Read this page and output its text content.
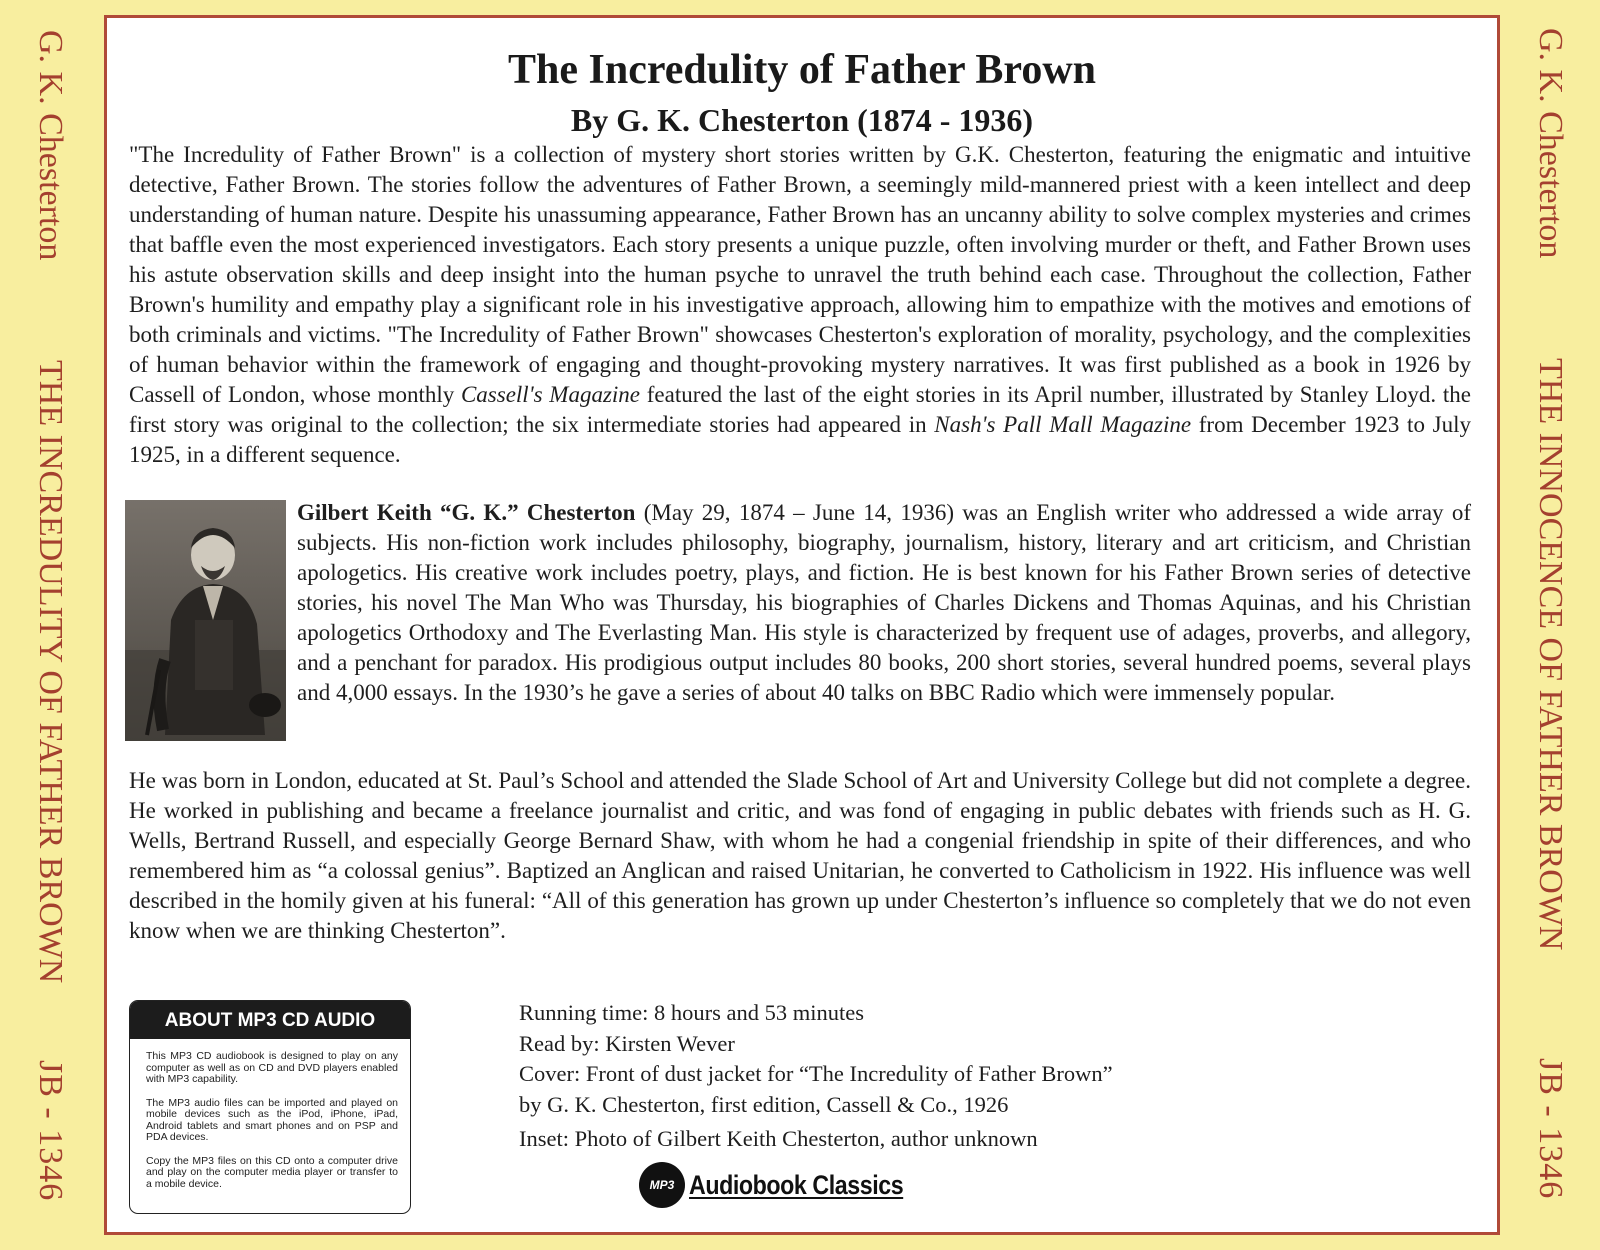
G. K. Chesterton
THE INCREDULITY OF FATHER BROWN
JB - 1346
G. K. Chesterton
THE INNOCENCE OF FATHER BROWN
JB - 1346
The Incredulity of Father Brown
By G. K. Chesterton (1874 - 1936)

"The Incredulity of Father Brown" is a collection of mystery short stories written by G.K. Chesterton, featuring the enigmatic and intuitive detective, Father Brown. The stories follow the adventures of Father Brown, a seemingly mild-mannered priest with a keen intellect and deep understanding of human nature. Despite his unassuming appearance, Father Brown has an uncanny ability to solve complex mysteries and crimes that baffle even the most experienced investigators. Each story presents a unique puzzle, often involving murder or theft, and Father Brown uses his astute observation skills and deep insight into the human psyche to unravel the truth behind each case. Throughout the collection, Father Brown's humility and empathy play a significant role in his investigative approach, allowing him to empathize with the motives and emotions of both criminals and victims. "The Incredulity of Father Brown" showcases Chesterton's exploration of morality, psychology, and the complexities of human behavior within the framework of engaging and thought-provoking mystery narratives. It was first published as a book in 1926 by Cassell of London, whose monthly Cassell's Magazine featured the last of the eight stories in its April number, illustrated by Stanley Lloyd. the first story was original to the collection; the six intermediate stories had appeared in Nash's Pall Mall Magazine from December 1923 to July 1925, in a different sequence.

Gilbert Keith “G. K.” Chesterton (May 29, 1874 – June 14, 1936) was an English writer who addressed a wide array of subjects. His non-fiction work includes philosophy, biography, journalism, history, literary and art criticism, and Christian apologetics. His creative work includes poetry, plays, and fiction. He is best known for his Father Brown series of detective stories, his novel The Man Who was Thursday, his biographies of Charles Dickens and Thomas Aquinas, and his Christian apologetics Orthodoxy and The Everlasting Man. His style is characterized by frequent use of adages, proverbs, and allegory, and a penchant for paradox. His prodigious output includes 80 books, 200 short stories, several hundred poems, several plays and 4,000 essays. In the 1930’s he gave a series of about 40 talks on BBC Radio which were immensely popular.

He was born in London, educated at St. Paul’s School and attended the Slade School of Art and University College but did not complete a degree. He worked in publishing and became a freelance journalist and critic, and was fond of engaging in public debates with friends such as H. G. Wells, Bertrand Russell, and especially George Bernard Shaw, with whom he had a congenial friendship in spite of their differences, and who remembered him as “a colossal genius”. Baptized an Anglican and raised Unitarian, he converted to Catholicism in 1922. His influence was well described in the homily given at his funeral: “All of this generation has grown up under Chesterton’s influence so completely that we do not even know when we are thinking Chesterton”.

ABOUT MP3 CD AUDIO

This MP3 CD audiobook is designed to play on any computer as well as on CD and DVD players enabled with MP3 capability.

The MP3 audio files can be imported and played on mobile devices such as the iPod, iPhone, iPad, Android tablets and smart phones and on PSP and PDA devices.

Copy the MP3 files on this CD onto a computer drive and play on the computer media player or transfer to a mobile device.

Running time: 8 hours and 53 minutes
Read by: Kirsten Wever
Cover: Front of dust jacket for “The Incredulity of Father Brown”
by G. K. Chesterton, first edition, Cassell & Co., 1926
Inset: Photo of Gilbert Keith Chesterton, author unknown
MP3 Audiobook Classics
